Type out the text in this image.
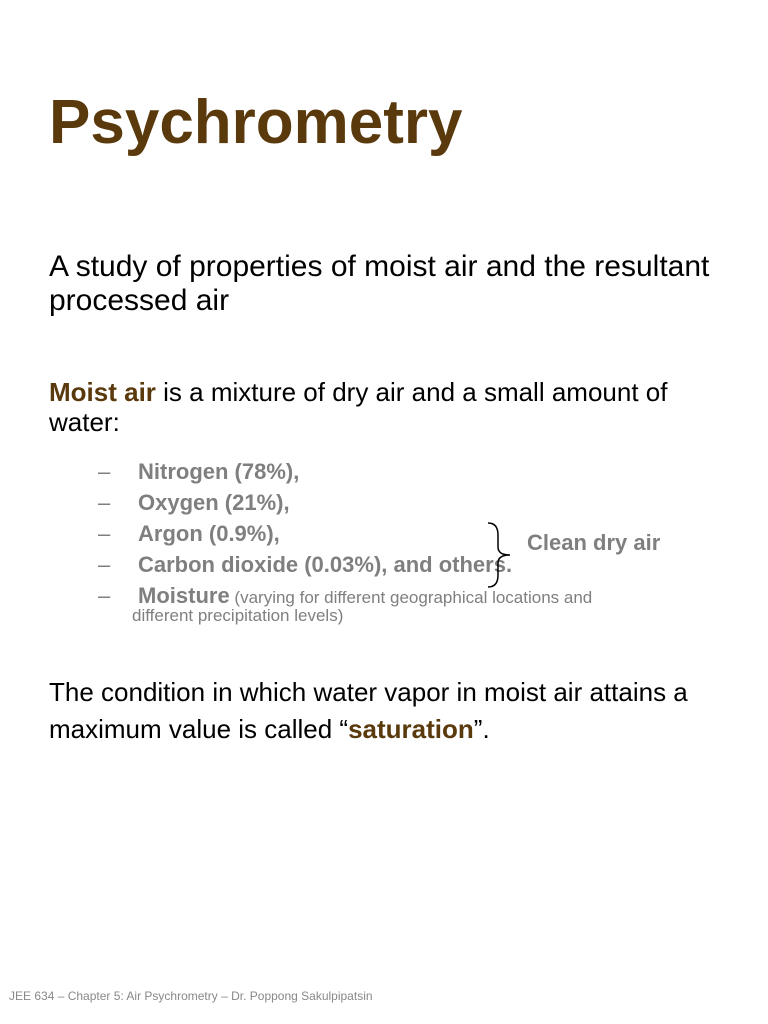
Psychrometry
A study of properties of moist air and the resultant processed air
Moist air is a mixture of dry air and a small amount of water:
– Nitrogen (78%),
– Oxygen (21%),
– Argon (0.9%),
– Carbon dioxide (0.03%), and others.
– Moisture (varying for different geographical locations and
different precipitation levels)
Clean dry air
The condition in which water vapor in moist air attains a maximum value is called “saturation”.
JEE 634 – Chapter 5: Air Psychrometry – Dr. Poppong Sakulpipatsin
